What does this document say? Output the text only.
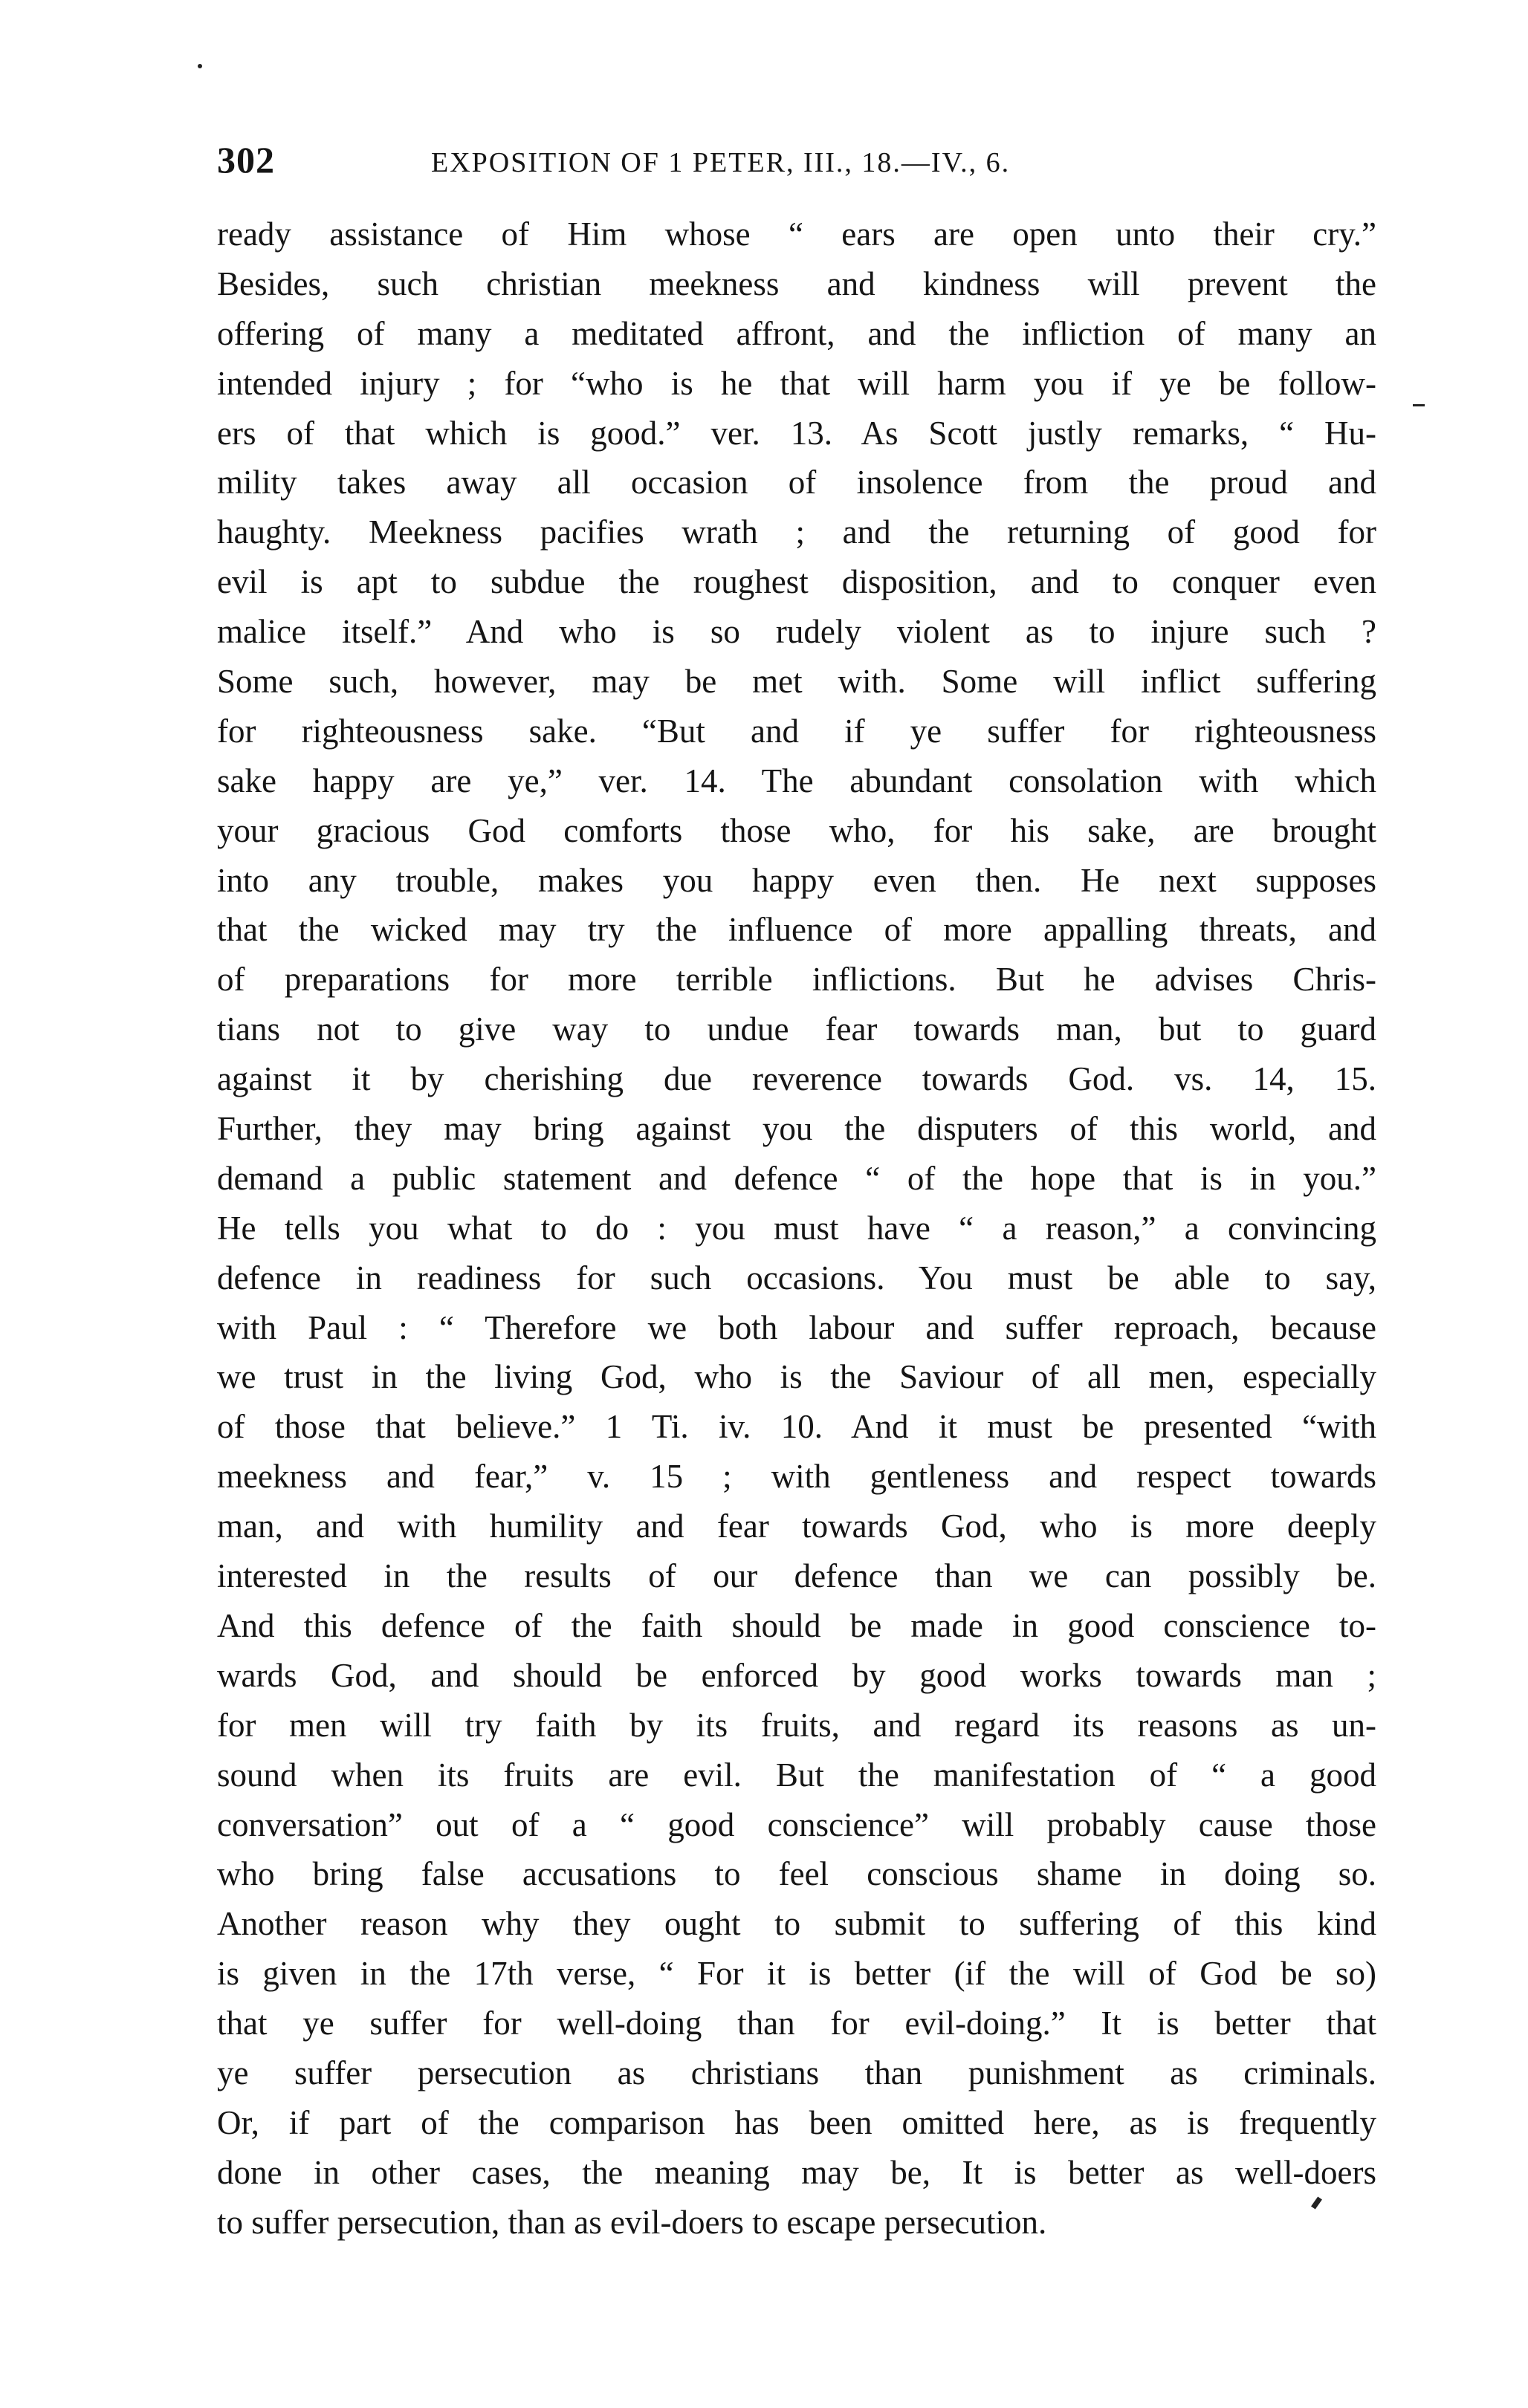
302	EXPOSITION OF 1 PETER, III., 18.—IV., 6.
ready assistance of Him whose “ ears are open unto their cry.”
Besides, such christian meekness and kindness will prevent the
offering of many a meditated affront, and the infliction of many an
intended injury ; for “who is he that will harm you if ye be follow-
ers of that which is good.” ver. 13. As Scott justly remarks, “ Hu-
mility takes away all occasion of insolence from the proud and
haughty. Meekness pacifies wrath ; and the returning of good for
evil is apt to subdue the roughest disposition, and to conquer even
malice itself.” And who is so rudely violent as to injure such ?
Some such, however, may be met with. Some will inflict suffering
for righteousness sake. “But and if ye suffer for righteousness
sake happy are ye,” ver. 14. The abundant consolation with which
your gracious God comforts those who, for his sake, are brought
into any trouble, makes you happy even then. He next supposes
that the wicked may try the influence of more appalling threats, and
of preparations for more terrible inflictions. But he advises Chris-
tians not to give way to undue fear towards man, but to guard
against it by cherishing due reverence towards God. vs. 14, 15.
Further, they may bring against you the disputers of this world, and
demand a public statement and defence “ of the hope that is in you.”
He tells you what to do : you must have “ a reason,” a convincing
defence in readiness for such occasions. You must be able to say,
with Paul : “ Therefore we both labour and suffer reproach, because
we trust in the living God, who is the Saviour of all men, especially
of those that believe.” 1 Ti. iv. 10. And it must be presented “with
meekness and fear,” v. 15 ; with gentleness and respect towards
man, and with humility and fear towards God, who is more deeply
interested in the results of our defence than we can possibly be.
And this defence of the faith should be made in good conscience to-
wards God, and should be enforced by good works towards man ;
for men will try faith by its fruits, and regard its reasons as un-
sound when its fruits are evil. But the manifestation of “ a good
conversation” out of a “ good conscience” will probably cause those
who bring false accusations to feel conscious shame in doing so.
Another reason why they ought to submit to suffering of this kind
is given in the 17th verse, “ For it is better (if the will of God be so)
that ye suffer for well-doing than for evil-doing.” It is better that
ye suffer persecution as christians than punishment as criminals.
Or, if part of the comparison has been omitted here, as is frequently
done in other cases, the meaning may be, It is better as well-doers
to suffer persecution, than as evil-doers to escape persecution.
